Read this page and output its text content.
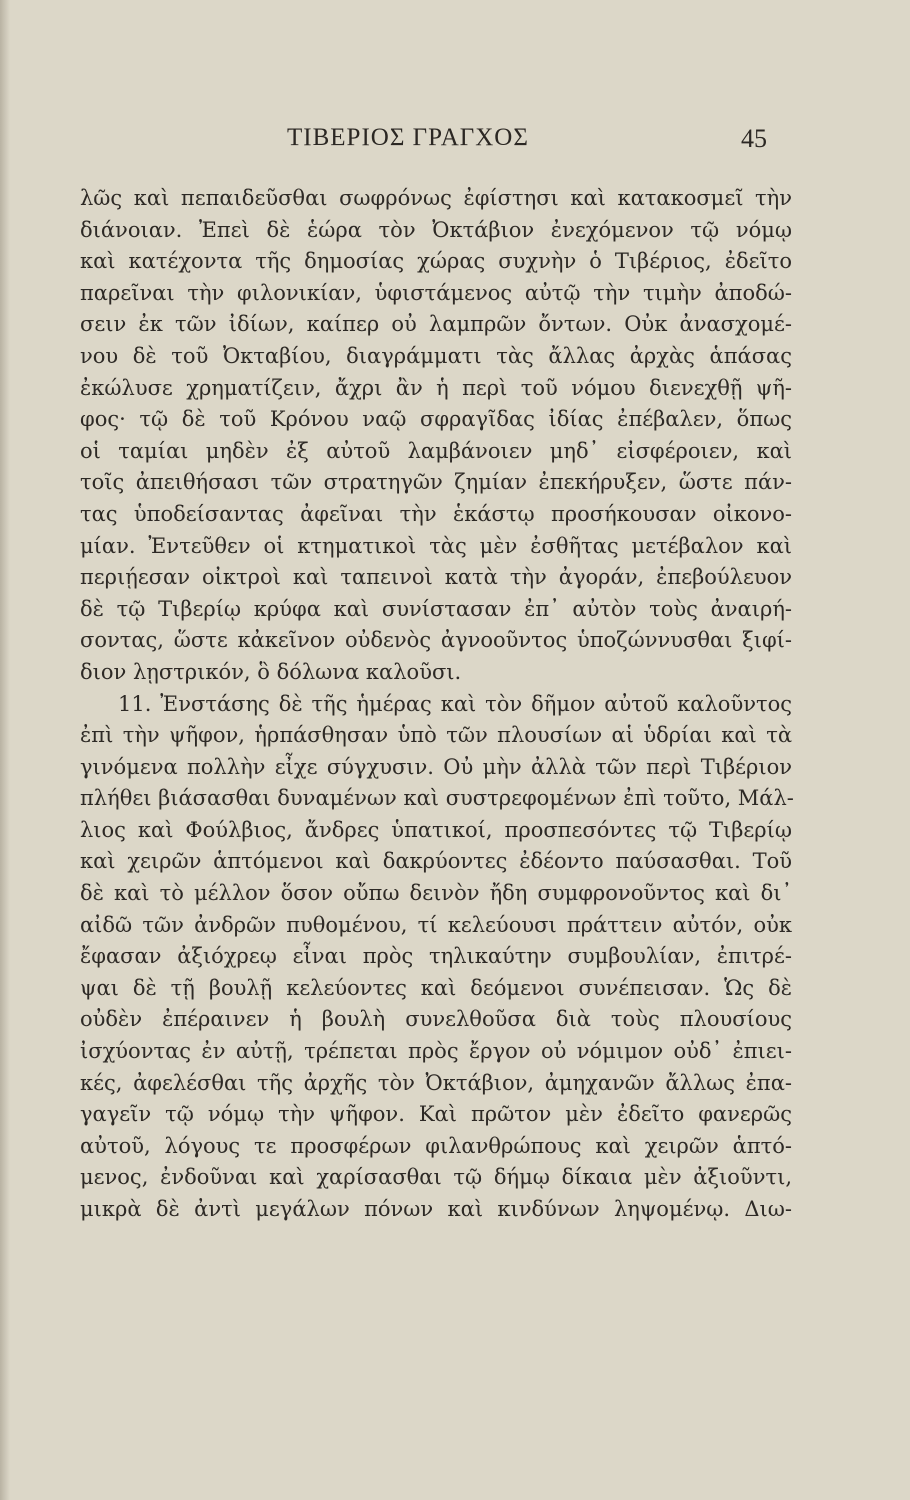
ΤΙΒΕΡΙΟΣ ΓΡΑΓΧΟΣ	45
λῶς καὶ πεπαιδεῦσθαι σωφρόνως ἐφίστησι καὶ κατακοσμεῖ τὴν
διάνοιαν. Ἐπεὶ δὲ ἑώρα τὸν Ὀκτάβιον ἐνεχόμενον τῷ νόμῳ
καὶ κατέχοντα τῆς δημοσίας χώρας συχνὴν ὁ Τιβέριος, ἐδεῖτο
παρεῖναι τὴν φιλονικίαν, ὑφιστάμενος αὐτῷ τὴν τιμὴν ἀποδώ-
σειν ἐκ τῶν ἰδίων, καίπερ οὐ λαμπρῶν ὄντων. Οὐκ ἀνασχομέ-
νου δὲ τοῦ Ὀκταβίου, διαγράμματι τὰς ἄλλας ἀρχὰς ἁπάσας
ἐκώλυσε χρηματίζειν, ἄχρι ἂν ἡ περὶ τοῦ νόμου διενεχθῇ ψῆ-
φος· τῷ δὲ τοῦ Κρόνου ναῷ σφραγῖδας ἰδίας ἐπέβαλεν, ὅπως
οἱ ταμίαι μηδὲν ἐξ αὐτοῦ λαμβάνοιεν μηδ᾽ εἰσφέροιεν, καὶ
τοῖς ἀπειθήσασι τῶν στρατηγῶν ζημίαν ἐπεκήρυξεν, ὥστε πάν-
τας ὑποδείσαντας ἀφεῖναι τὴν ἑκάστῳ προσήκουσαν οἰκονο-
μίαν. Ἐντεῦθεν οἱ κτηματικοὶ τὰς μὲν ἐσθῆτας μετέβαλον καὶ
περιῄεσαν οἰκτροὶ καὶ ταπεινοὶ κατὰ τὴν ἀγοράν, ἐπεβούλευον
δὲ τῷ Τιβερίῳ κρύφα καὶ συνίστασαν ἐπ᾽ αὐτὸν τοὺς ἀναιρή-
σοντας, ὥστε κἀκεῖνον οὐδενὸς ἀγνοοῦντος ὑποζώννυσθαι ξιφί-
διον λῃστρικόν, ὃ δόλωνα καλοῦσι.
11. Ἐνστάσης δὲ τῆς ἡμέρας καὶ τὸν δῆμον αὐτοῦ καλοῦντος
ἐπὶ τὴν ψῆφον, ἡρπάσθησαν ὑπὸ τῶν πλουσίων αἱ ὑδρίαι καὶ τὰ
γινόμενα πολλὴν εἶχε σύγχυσιν. Οὐ μὴν ἀλλὰ τῶν περὶ Τιβέριον
πλήθει βιάσασθαι δυναμένων καὶ συστρεφομένων ἐπὶ τοῦτο, Μάλ-
λιος καὶ Φούλβιος, ἄνδρες ὑπατικοί, προσπεσόντες τῷ Τιβερίῳ
καὶ χειρῶν ἁπτόμενοι καὶ δακρύοντες ἐδέοντο παύσασθαι. Τοῦ
δὲ καὶ τὸ μέλλον ὅσον οὔπω δεινὸν ἤδη συμφρονοῦντος καὶ δι᾽
αἰδῶ τῶν ἀνδρῶν πυθομένου, τί κελεύουσι πράττειν αὐτόν, οὐκ
ἔφασαν ἀξιόχρεῳ εἶναι πρὸς τηλικαύτην συμβουλίαν, ἐπιτρέ-
ψαι δὲ τῇ βουλῇ κελεύοντες καὶ δεόμενοι συνέπεισαν. Ὡς δὲ
οὐδὲν ἐπέραινεν ἡ βουλὴ συνελθοῦσα διὰ τοὺς πλουσίους
ἰσχύοντας ἐν αὐτῇ, τρέπεται πρὸς ἔργον οὐ νόμιμον οὐδ᾽ ἐπιει-
κές, ἀφελέσθαι τῆς ἀρχῆς τὸν Ὀκτάβιον, ἀμηχανῶν ἄλλως ἐπα-
γαγεῖν τῷ νόμῳ τὴν ψῆφον. Καὶ πρῶτον μὲν ἐδεῖτο φανερῶς
αὐτοῦ, λόγους τε προσφέρων φιλανθρώπους καὶ χειρῶν ἁπτό-
μενος, ἐνδοῦναι καὶ χαρίσασθαι τῷ δήμῳ δίκαια μὲν ἀξιοῦντι,
μικρὰ δὲ ἀντὶ μεγάλων πόνων καὶ κινδύνων ληψομένῳ. Διω-
